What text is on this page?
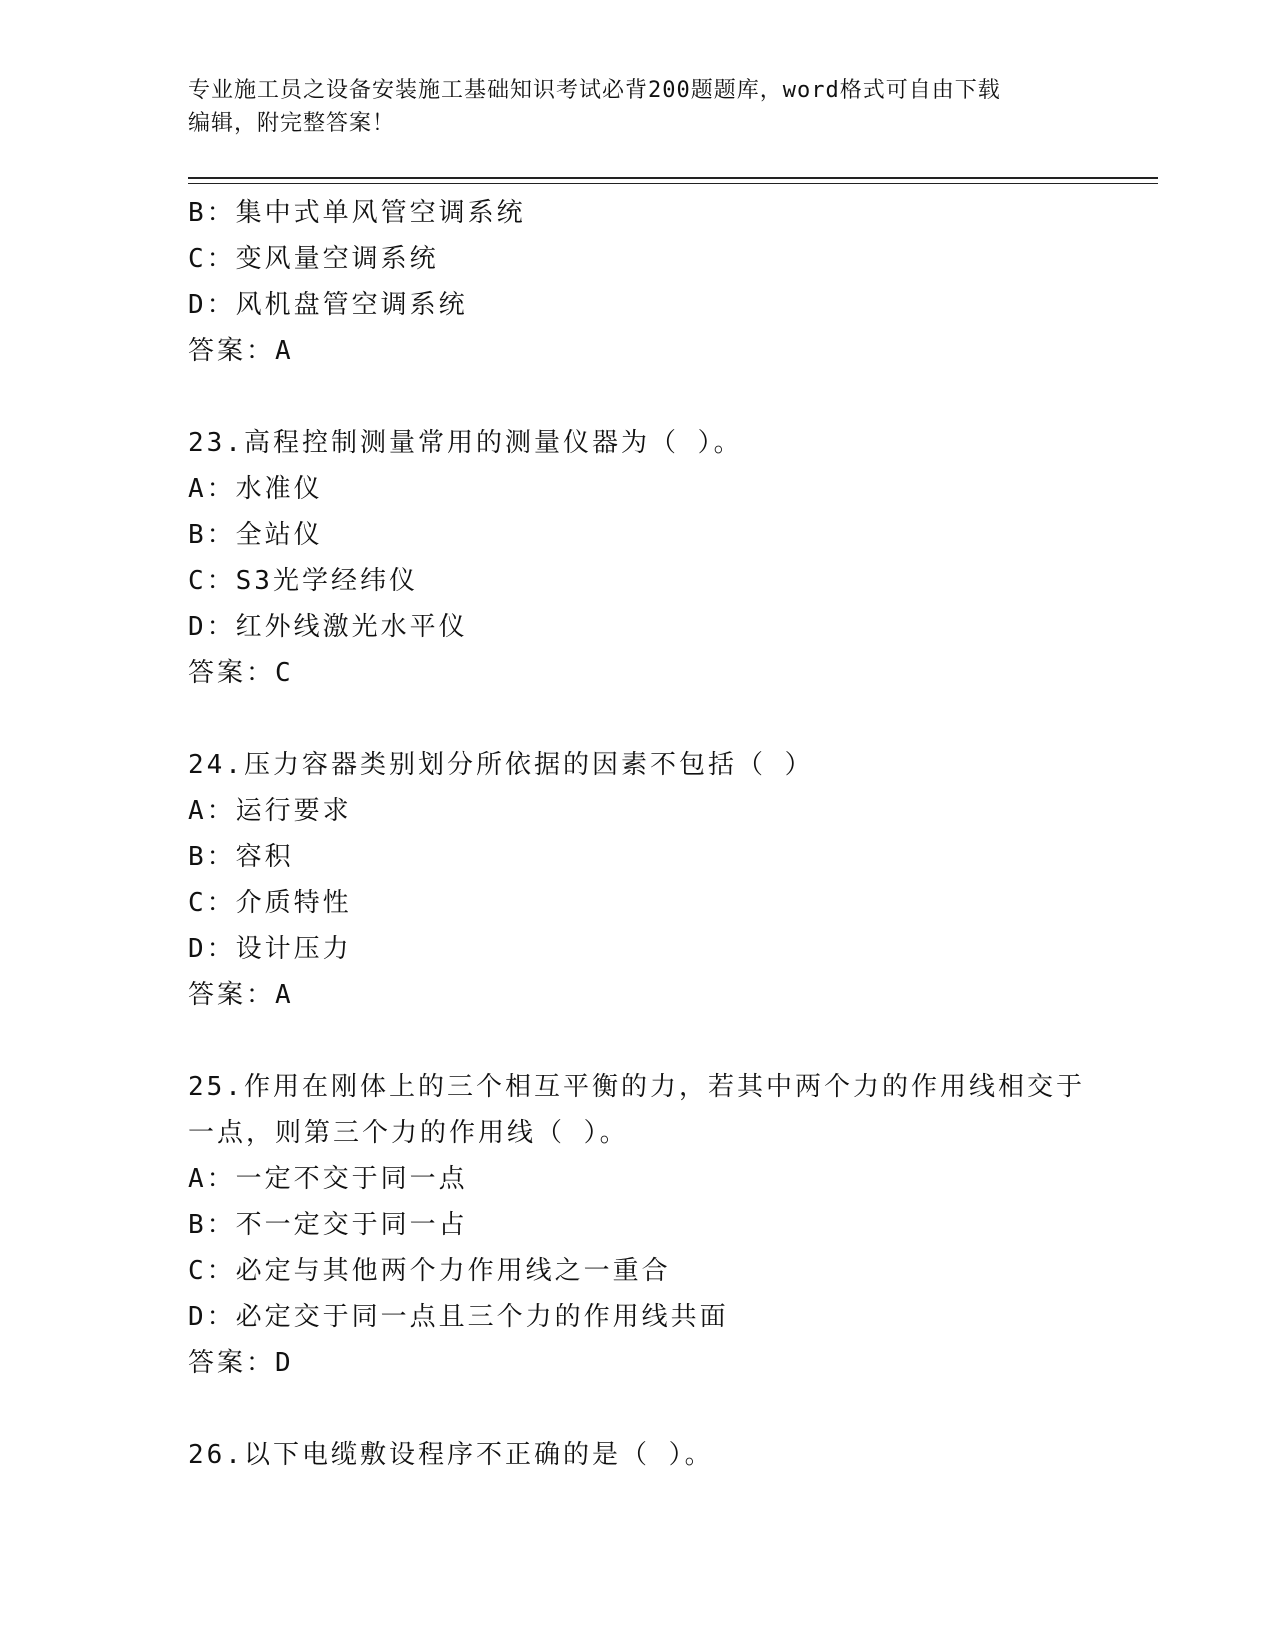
专业施工员之设备安装施工基础知识考试必背200题题库，word格式可自由下载
编辑，附完整答案！
B：集中式单风管空调系统
C：变风量空调系统
D：风机盘管空调系统
答案：A
23.高程控制测量常用的测量仪器为（ ）。
A：水准仪
B：全站仪
C：S3光学经纬仪
D：红外线激光水平仪
答案：C
24.压力容器类别划分所依据的因素不包括（ ）
A：运行要求
B：容积
C：介质特性
D：设计压力
答案：A
25.作用在刚体上的三个相互平衡的力，若其中两个力的作用线相交于
一点，则第三个力的作用线（ ）。
A：一定不交于同一点
B：不一定交于同一占
C：必定与其他两个力作用线之一重合
D：必定交于同一点且三个力的作用线共面
答案：D
26.以下电缆敷设程序不正确的是（ ）。
